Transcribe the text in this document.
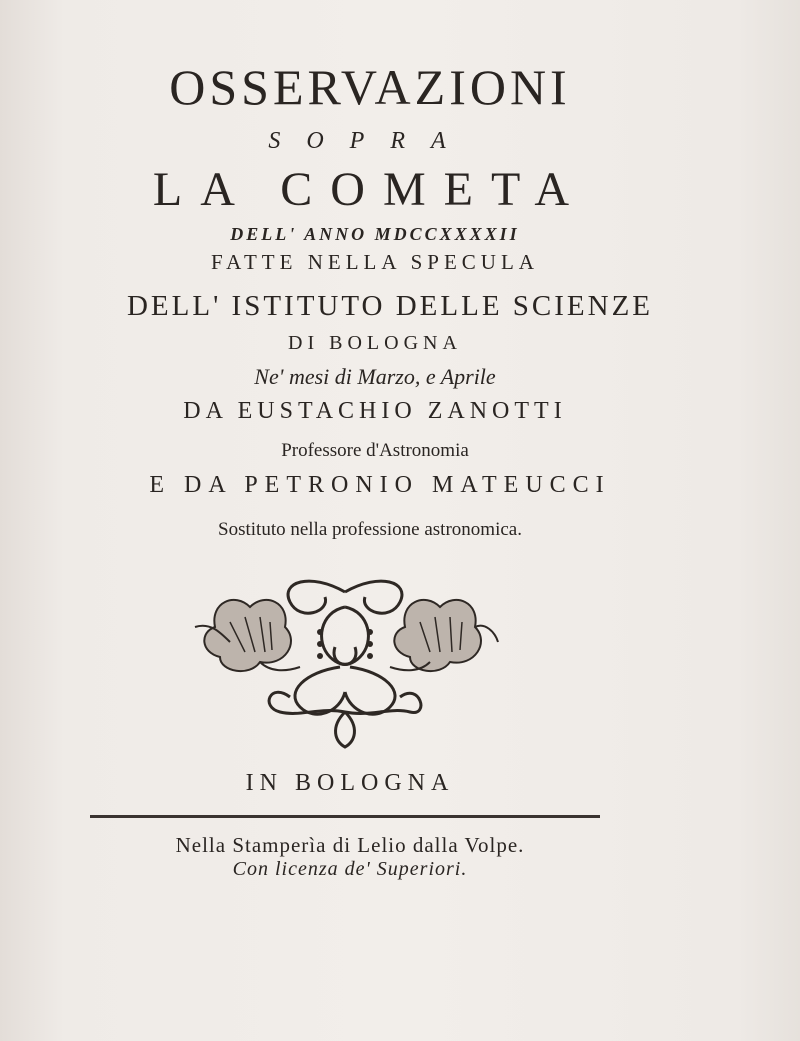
OSSERVAZIONI
SOPRA
LA COMETA
DELL' ANNO MDCCXXXXII
FATTE NELLA SPECULA
DELL' ISTITUTO DELLE SCIENZE
DI BOLOGNA
Ne' mesi di Marzo, e Aprile
DA EUSTACHIO ZANOTTI
Professore d'Astronomia
E DA PETRONIO MATEUCCI
Sostituto nella professione astronomica.
IN BOLOGNA
Nella Stamperìa di Lelio dalla Volpe.
Con licenza de' Superiori.
